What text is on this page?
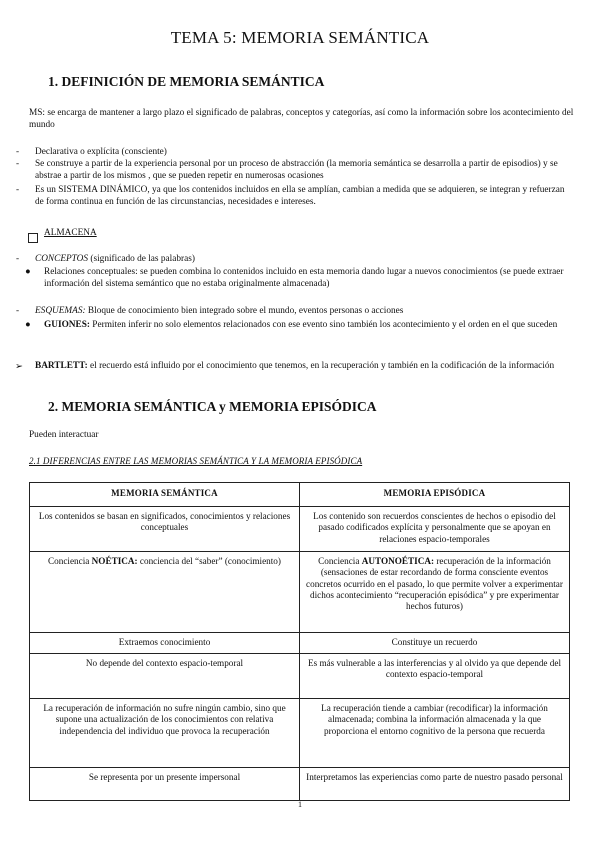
TEMA 5: MEMORIA SEMÁNTICA
1. DEFINICIÓN DE MEMORIA SEMÁNTICA
MS: se encarga de mantener a largo plazo el significado de palabras, conceptos y categorías, así como la información sobre los acontecimiento del mundo
- Declarativa o explícita (consciente)
- Se construye a partir de la experiencia personal por un proceso de abstracción (la memoria semántica se desarrolla a partir de episodios) y se abstrae a partir de los mismos , que se pueden repetir en numerosas ocasiones
- Es un SISTEMA DINÁMICO, ya que los contenidos incluidos en ella se amplían, cambian a medida que se adquieren, se integran y refuerzan de forma continua en función de las circunstancias, necesidades e intereses.
ALMACENA
- CONCEPTOS (significado de las palabras)
● Relaciones conceptuales: se pueden combina lo contenidos incluido en esta memoria dando lugar a nuevos conocimientos (se puede extraer información del sistema semántico que no estaba originalmente almacenada)
- ESQUEMAS: Bloque de conocimiento bien integrado sobre el mundo, eventos personas o acciones
● GUIONES: Permiten inferir no solo elementos relacionados con ese evento sino también los acontecimiento y el orden en el que suceden
➢ BARTLETT: el recuerdo está influido por el conocimiento que tenemos, en la recuperación y también en la codificación de la información
2. MEMORIA SEMÁNTICA y MEMORIA EPISÓDICA
Pueden interactuar
2.1 DIFERENCIAS ENTRE LAS MEMORIAS SEMÁNTICA Y LA MEMORIA EPISÓDICA
MEMORIA SEMÁNTICA	MEMORIA EPISÓDICA
Los contenidos se basan en significados, conocimientos y relaciones conceptuales	Los contenido son recuerdos conscientes de hechos o episodio del pasado codificados explícita y personalmente que se apoyan en relaciones espacio-temporales
Conciencia NOÉTICA: conciencia del “saber” (conocimiento)	Conciencia AUTONOÉTICA: recuperación de la información (sensaciones de estar recordando de forma consciente eventos concretos ocurrido en el pasado, lo que permite volver a experimentar dichos acontecimiento “recuperación episódica” y pre experimentar hechos futuros)
Extraemos conocimiento	Constituye un recuerdo
No depende del contexto espacio-temporal	Es más vulnerable a las interferencias y al olvido ya que depende del contexto espacio-temporal
La recuperación de información no sufre ningún cambio, sino que supone una actualización de los conocimientos con relativa independencia del individuo que provoca la recuperación	La recuperación tiende a cambiar (recodificar) la información almacenada; combina la información almacenada y la que proporciona el entorno cognitivo de la persona que recuerda
Se representa por un presente impersonal	Interpretamos las experiencias como parte de nuestro pasado personal
1
